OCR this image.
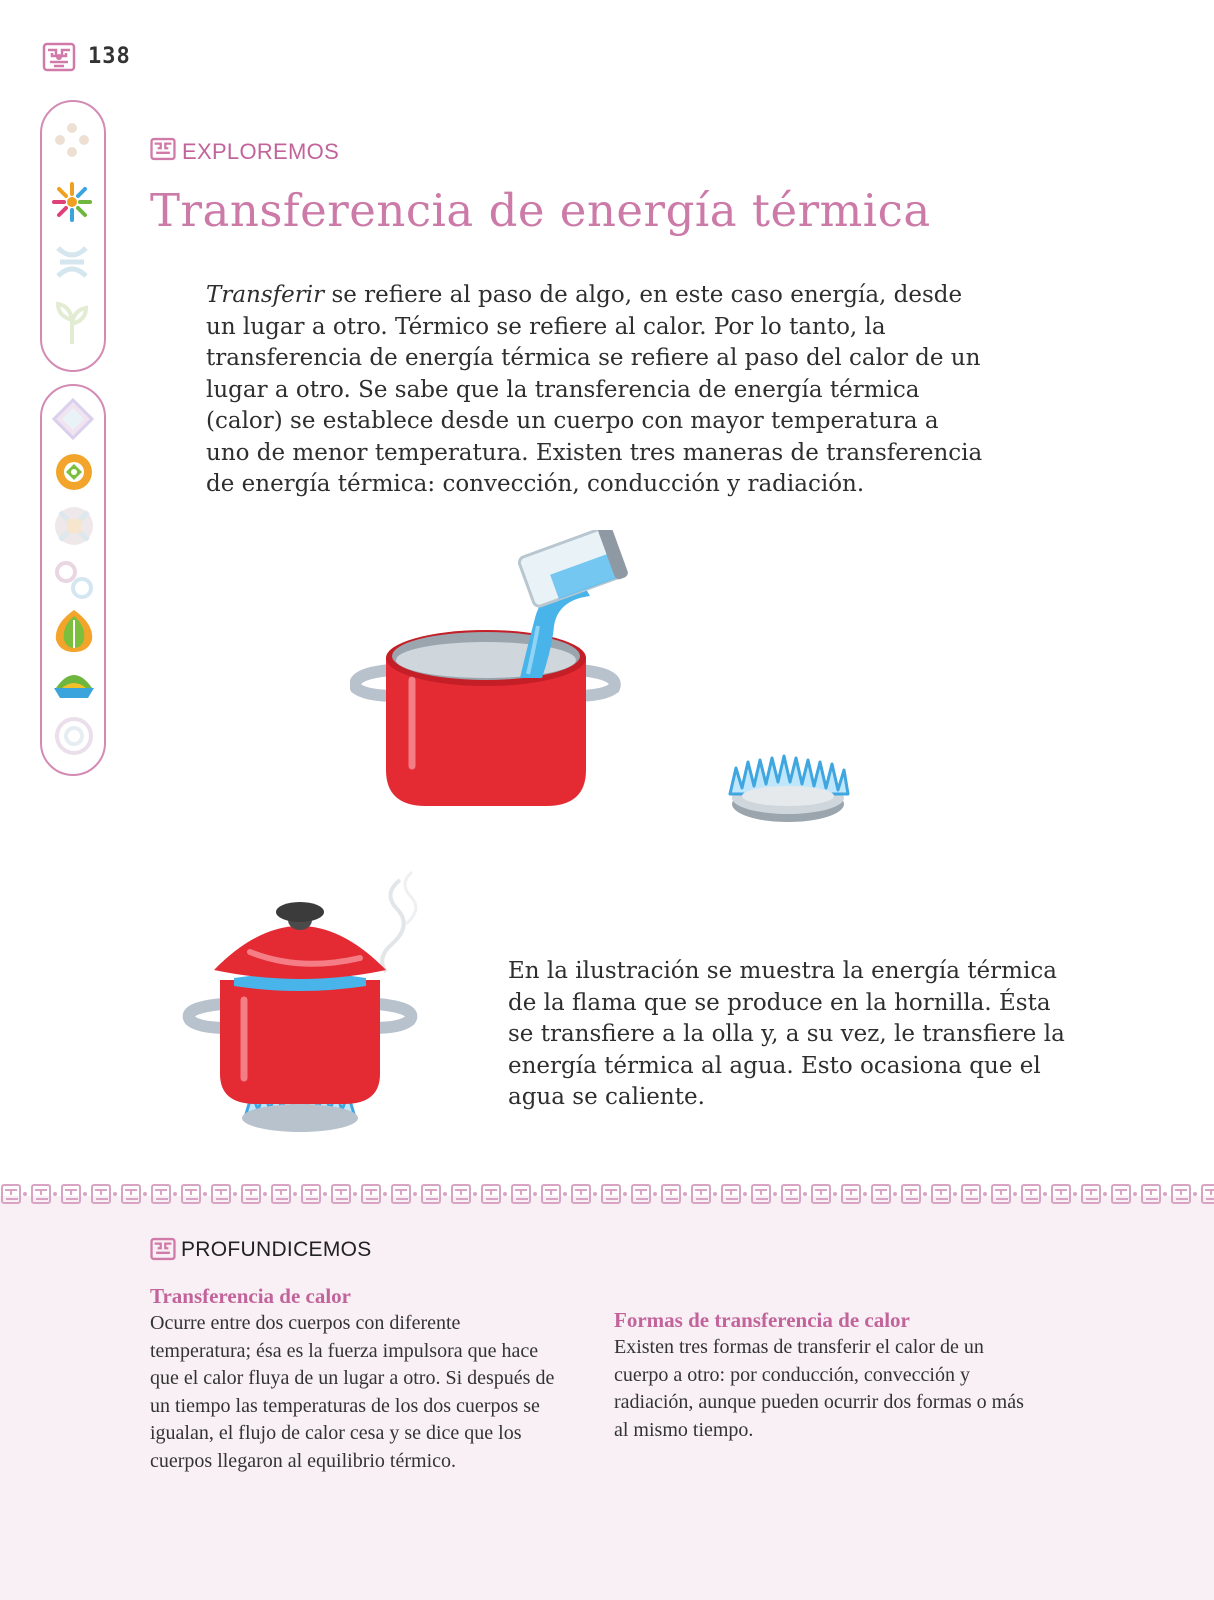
138
EXPLOREMOS
Transferencia de energía térmica
Transferir se refiere al paso de algo, en este caso energía, desde un lugar a otro. Térmico se refiere al calor. Por lo tanto, la transferencia de energía térmica se refiere al paso del calor de un lugar a otro. Se sabe que la transferencia de energía térmica (calor) se establece desde un cuerpo con mayor temperatura a uno de menor temperatura. Existen tres maneras de transferencia de energía térmica: convección, conducción y radiación.
En la ilustración se muestra la energía térmica de la flama que se produce en la hornilla. Ésta se transfiere a la olla y, a su vez, le transfiere la energía térmica al agua. Esto ocasiona que el agua se caliente.
PROFUNDICEMOS
Transferencia de calor
Ocurre entre dos cuerpos con diferente temperatura; ésa es la fuerza impulsora que hace que el calor fluya de un lugar a otro. Si después de un tiempo las temperaturas de los dos cuerpos se igualan, el flujo de calor cesa y se dice que los cuerpos llegaron al equilibrio térmico.
Formas de transferencia de calor
Existen tres formas de transferir el calor de un cuerpo a otro: por conducción, convección y radiación, aunque pueden ocurrir dos formas o más al mismo tiempo.
